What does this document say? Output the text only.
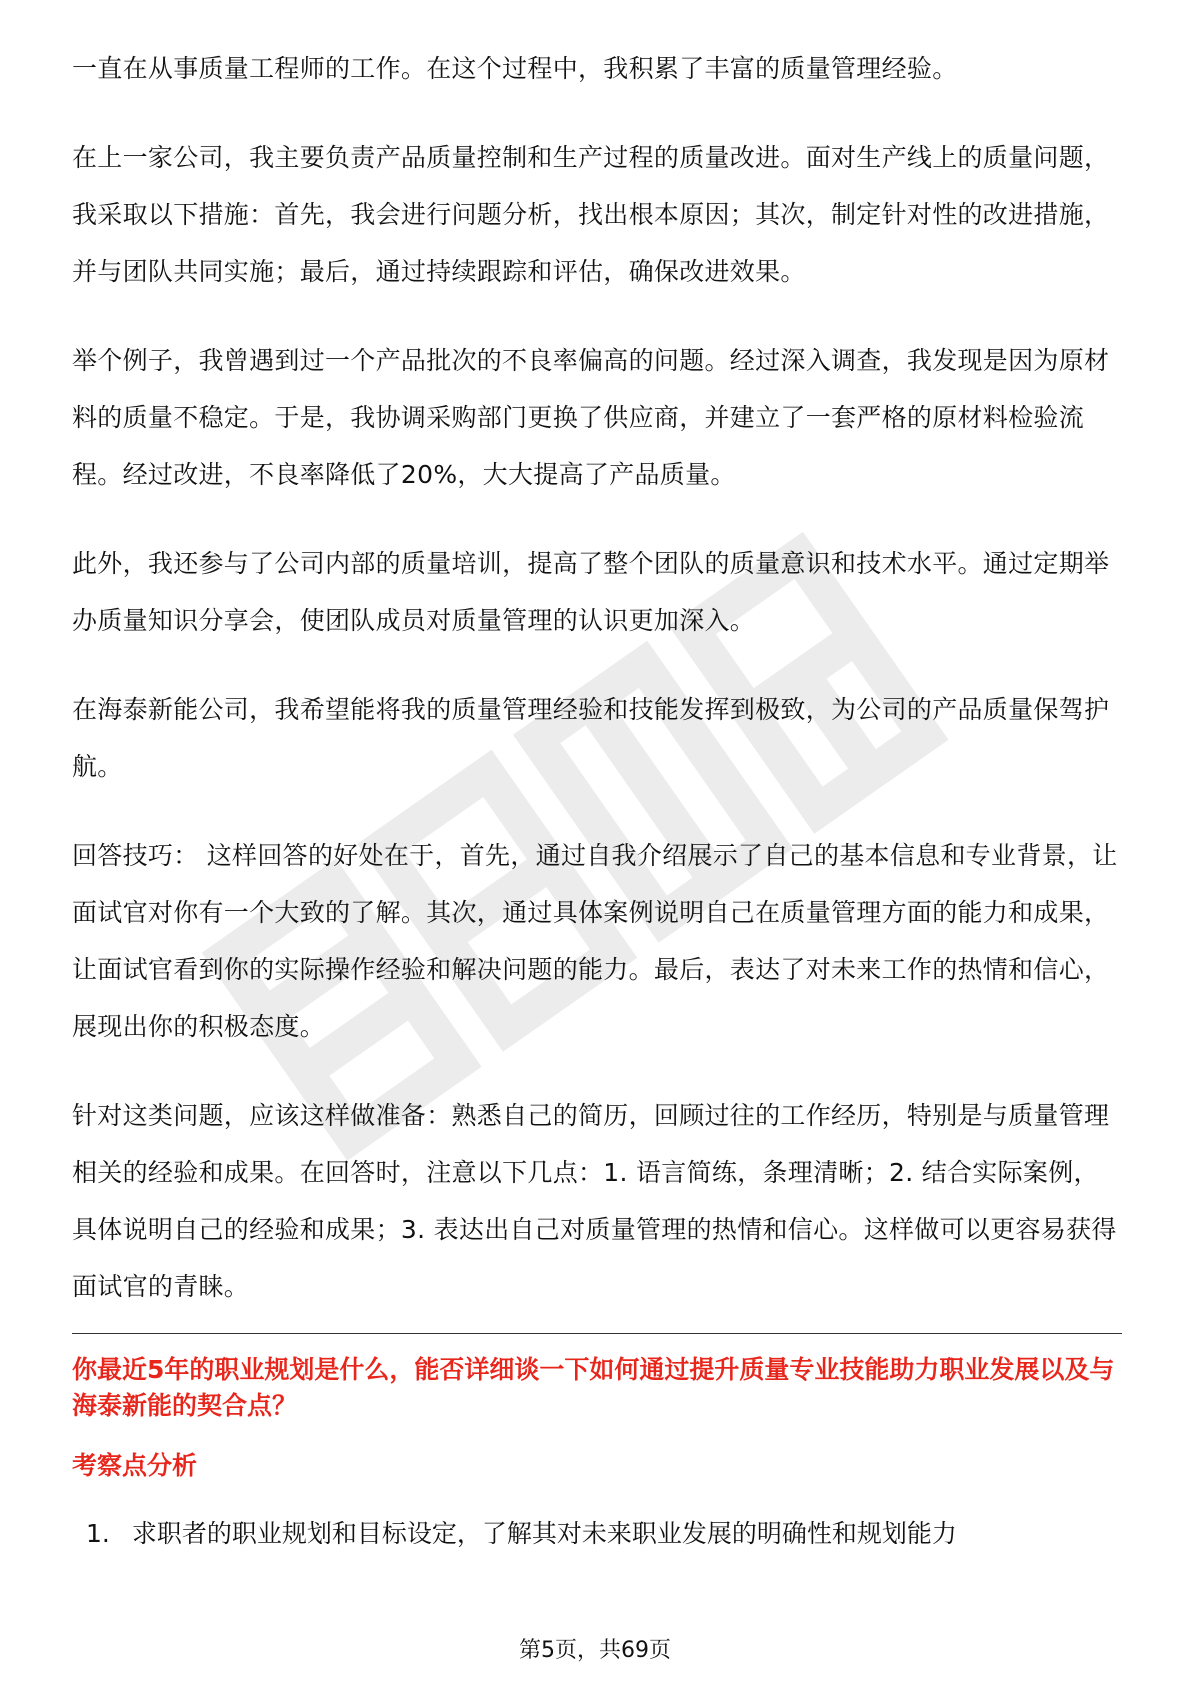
一直在从事质量工程师的工作。在这个过程中，我积累了丰富的质量管理经验。

在上一家公司，我主要负责产品质量控制和生产过程的质量改进。面对生产线上的质量问题，我采取以下措施：首先，我会进行问题分析，找出根本原因；其次，制定针对性的改进措施，并与团队共同实施；最后，通过持续跟踪和评估，确保改进效果。

举个例子，我曾遇到过一个产品批次的不良率偏高的问题。经过深入调查，我发现是因为原材料的质量不稳定。于是，我协调采购部门更换了供应商，并建立了一套严格的原材料检验流程。经过改进，不良率降低了20%，大大提高了产品质量。

此外，我还参与了公司内部的质量培训，提高了整个团队的质量意识和技术水平。通过定期举办质量知识分享会，使团队成员对质量管理的认识更加深入。

在海泰新能公司，我希望能将我的质量管理经验和技能发挥到极致，为公司的产品质量保驾护航。

回答技巧： 这样回答的好处在于，首先，通过自我介绍展示了自己的基本信息和专业背景，让面试官对你有一个大致的了解。其次，通过具体案例说明自己在质量管理方面的能力和成果，让面试官看到你的实际操作经验和解决问题的能力。最后，表达了对未来工作的热情和信心，展现出你的积极态度。

针对这类问题，应该这样做准备：熟悉自己的简历，回顾过往的工作经历，特别是与质量管理相关的经验和成果。在回答时，注意以下几点：1. 语言简练，条理清晰；2. 结合实际案例，具体说明自己的经验和成果；3. 表达出自己对质量管理的热情和信心。这样做可以更容易获得面试官的青睐。

你最近5年的职业规划是什么，能否详细谈一下如何通过提升质量专业技能助力职业发展以及与海泰新能的契合点？
考察点分析
1. 求职者的职业规划和目标设定，了解其对未来职业发展的明确性和规划能力
第5页，共69页
